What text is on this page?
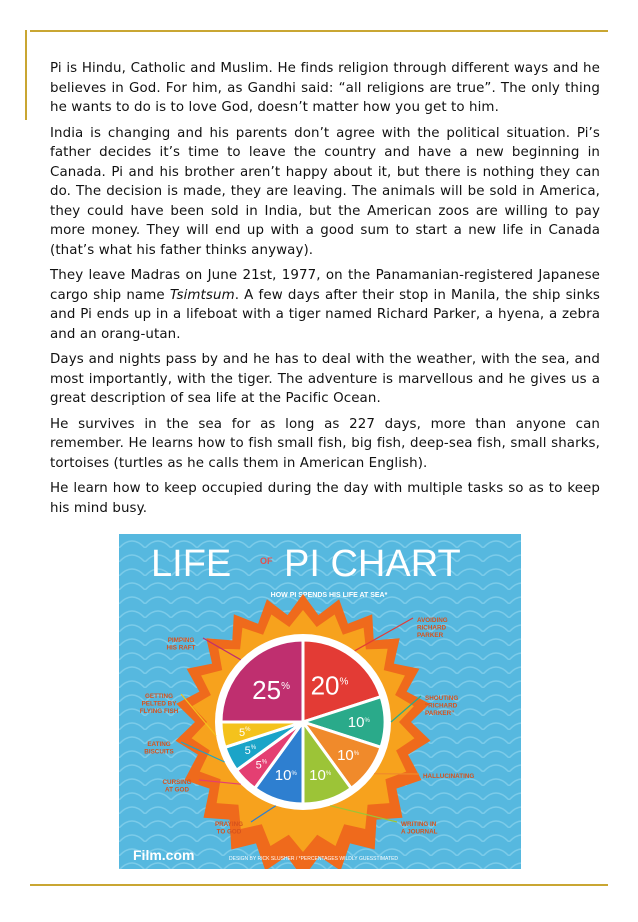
Pi is Hindu, Catholic and Muslim. He finds religion through different ways and he believes in God. For him, as Gandhi said: “all religions are true”. The only thing he wants to do is to love God, doesn’t matter how you get to him.

India is changing and his parents don’t agree with the political situation. Pi’s father decides it’s time to leave the country and have a new beginning in Canada. Pi and his brother aren’t happy about it, but there is nothing they can do. The decision is made, they are leaving. The animals will be sold in America, they could have been sold in India, but the American zoos are willing to pay more money. They will end up with a good sum to start a new life in Canada (that’s what his father thinks anyway).

They leave Madras on June 21st, 1977, on the Panamanian-registered Japanese cargo ship name Tsimtsum. A few days after their stop in Manila, the ship sinks and Pi ends up in a lifeboat with a tiger named Richard Parker, a hyena, a zebra and an orang-utan.

Days and nights pass by and he has to deal with the weather, with the sea, and most importantly, with the tiger. The adventure is marvellous and he gives us a great description of sea life at the Pacific Ocean.

He survives in the sea for as long as 227 days, more than anyone can remember. He learns how to fish small fish, big fish, deep-sea fish, small sharks, tortoises (turtles as he calls them in American English).

He learn how to keep occupied during the day with multiple tasks so as to keep his mind busy.

LIFE	OF PI CHART
HOW PI SPENDS HIS LIFE AT SEA*
20%
10%
10%
10%
10%
5%
5%
5%
25%
AVOIDING RICHARD PARKER
SHOUTING “RICHARD PARKER”
HALLUCINATING
WRITING IN A JOURNAL
PRAYING TO GOD
CURSING AT GOD
EATING BISCUITS
GETTING PELTED BY FLYING FISH
PIMPING HIS RAFT
Film.com	DESIGN BY RICK SLUSHER / *PERCENTAGES WILDLY GUESSTIMATED
